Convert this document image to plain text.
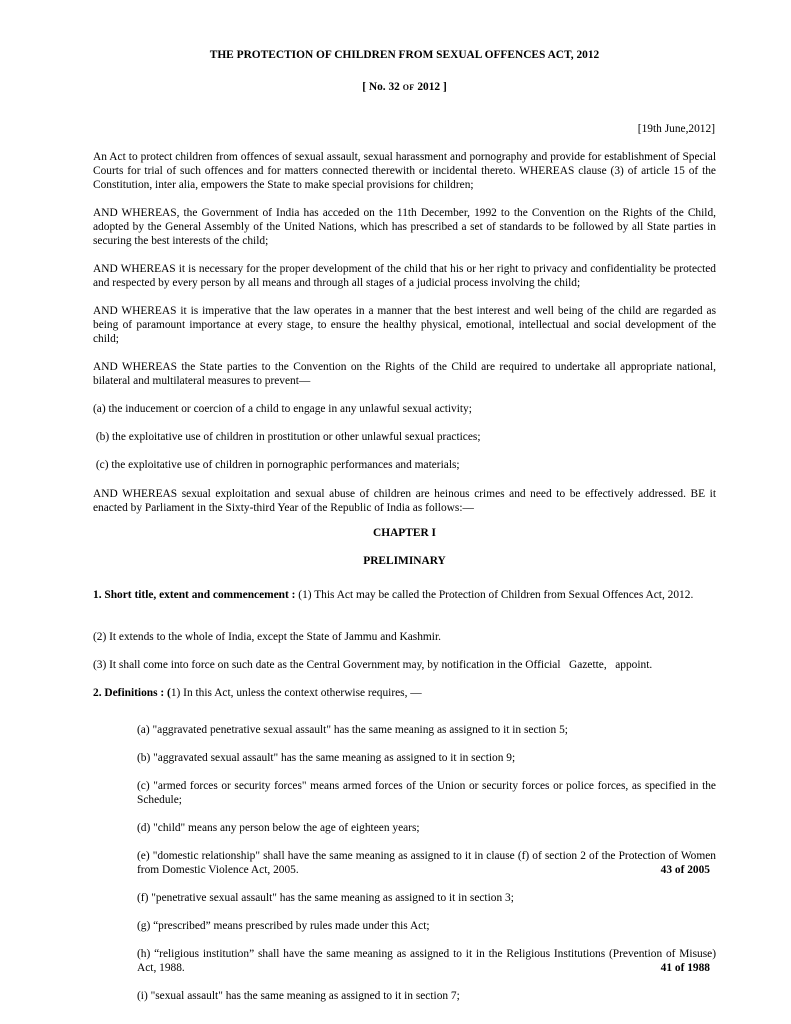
THE PROTECTION OF CHILDREN FROM SEXUAL OFFENCES ACT, 2012

[ No. 32 OF 2012 ]

[19th June,2012]

An Act to protect children from offences of sexual assault, sexual harassment and pornography and provide for establishment of Special Courts for trial of such offences and for matters connected therewith or incidental thereto. WHEREAS clause (3) of article 15 of the Constitution, inter alia, empowers the State to make special provisions for children;

AND WHEREAS, the Government of India has acceded on the 11th December, 1992 to the Convention on the Rights of the Child, adopted by the General Assembly of the United Nations, which has prescribed a set of standards to be followed by all State parties in securing the best interests of the child;

AND WHEREAS it is necessary for the proper development of the child that his or her right to privacy and confidentiality be protected and respected by every person by all means and through all stages of a judicial process involving the child;

AND WHEREAS it is imperative that the law operates in a manner that the best interest and well being of the child are regarded as being of paramount importance at every stage, to ensure the healthy physical, emotional, intellectual and social development of the child;

AND WHEREAS the State parties to the Convention on the Rights of the Child are required to undertake all appropriate national, bilateral and multilateral measures to prevent—

(a) the inducement or coercion of a child to engage in any unlawful sexual activity;

(b) the exploitative use of children in prostitution or other unlawful sexual practices;

(c) the exploitative use of children in pornographic performances and materials;

AND WHEREAS sexual exploitation and sexual abuse of children are heinous crimes and need to be effectively addressed. BE it enacted by Parliament in the Sixty-third Year of the Republic of India as follows:—

CHAPTER I

PRELIMINARY

1. Short title, extent and commencement : (1) This Act may be called the Protection of Children from Sexual Offences Act, 2012.

(2) It extends to the whole of India, except the State of Jammu and Kashmir.

(3) It shall come into force on such date as the Central Government may, by notification in the Official   Gazette,   appoint.

2. Definitions : (1) In this Act, unless the context otherwise requires, —

(a) "aggravated penetrative sexual assault" has the same meaning as assigned to it in section 5;

(b) "aggravated sexual assault" has the same meaning as assigned to it in section 9;

(c) "armed forces or security forces" means armed forces of the Union or security forces or police forces, as specified in the Schedule;

(d) "child" means any person below the age of eighteen years;

(e) "domestic relationship" shall have the same meaning as assigned to it in clause (f) of section 2 of the Protection of Women from Domestic Violence Act, 2005.	43 of 2005

(f) "penetrative sexual assault" has the same meaning as assigned to it in section 3;

(g) “prescribed” means prescribed by rules made under this Act;

(h) “religious institution” shall have the same meaning as assigned to it in the Religious Institutions (Prevention of Misuse) Act, 1988.	41 of 1988

(i) "sexual assault" has the same meaning as assigned to it in section 7;
